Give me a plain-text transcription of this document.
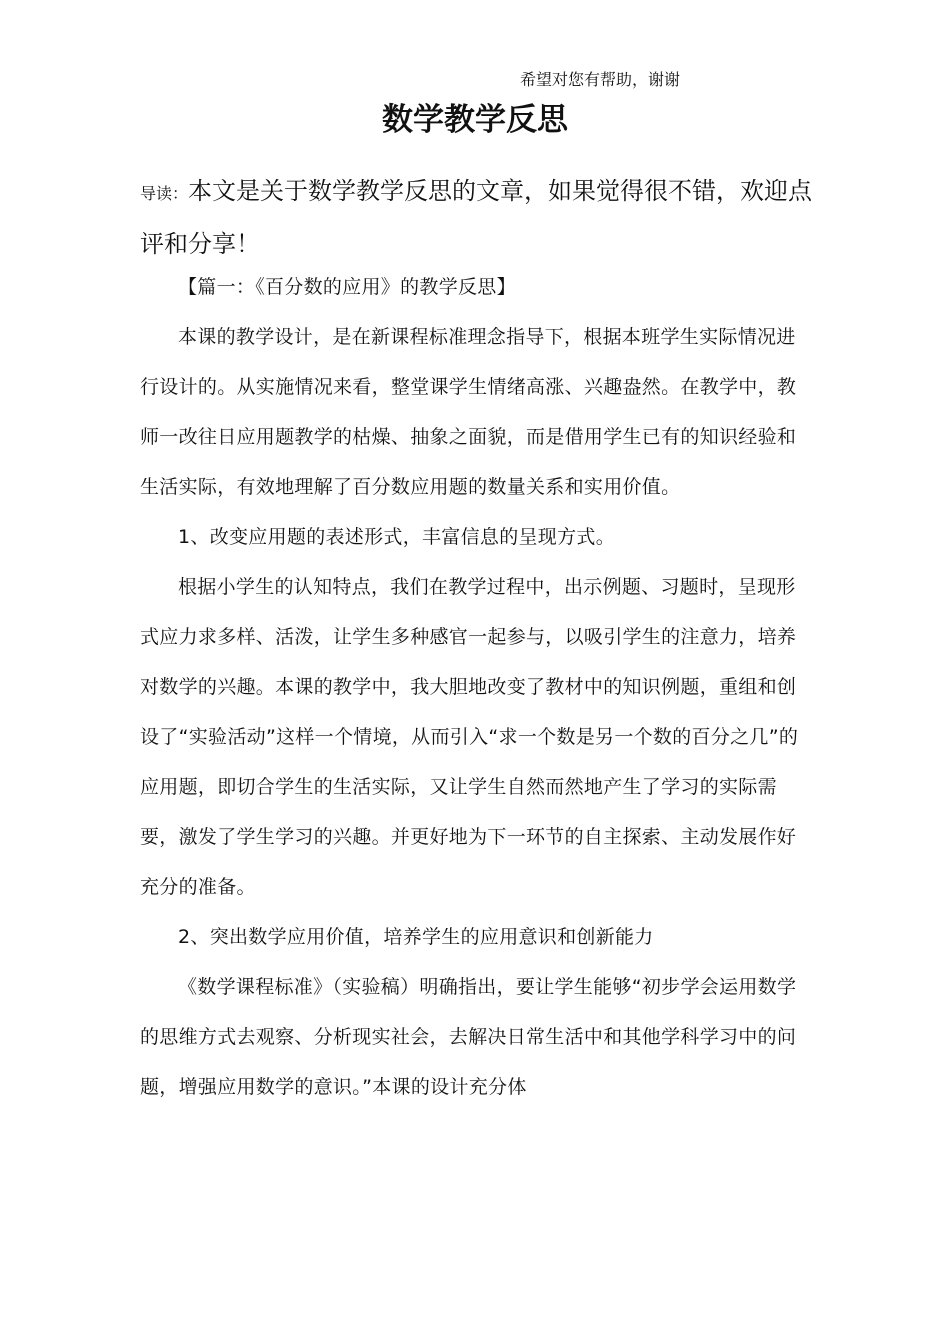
希望对您有帮助，谢谢
数学教学反思

导读：本文是关于数学教学反思的文章，如果觉得很不错，欢迎点评和分享！

【篇一：《百分数的应用》的教学反思】

本课的教学设计，是在新课程标准理念指导下，根据本班学生实际情况进行设计的。从实施情况来看，整堂课学生情绪高涨、兴趣盎然。在教学中，教师一改往日应用题教学的枯燥、抽象之面貌，而是借用学生已有的知识经验和生活实际，有效地理解了百分数应用题的数量关系和实用价值。

1、改变应用题的表述形式，丰富信息的呈现方式。

根据小学生的认知特点，我们在教学过程中，出示例题、习题时，呈现形式应力求多样、活泼，让学生多种感官一起参与，以吸引学生的注意力，培养对数学的兴趣。本课的教学中，我大胆地改变了教材中的知识例题，重组和创设了“实验活动”这样一个情境，从而引入“求一个数是另一个数的百分之几”的应用题，即切合学生的生活实际，又让学生自然而然地产生了学习的实际需要，激发了学生学习的兴趣。并更好地为下一环节的自主探索、主动发展作好充分的准备。

2、突出数学应用价值，培养学生的应用意识和创新能力

《数学课程标准》（实验稿）明确指出，要让学生能够“初步学会运用数学的思维方式去观察、分析现实社会，去解决日常生活中和其他学科学习中的问题，增强应用数学的意识。”本课的设计充分体
